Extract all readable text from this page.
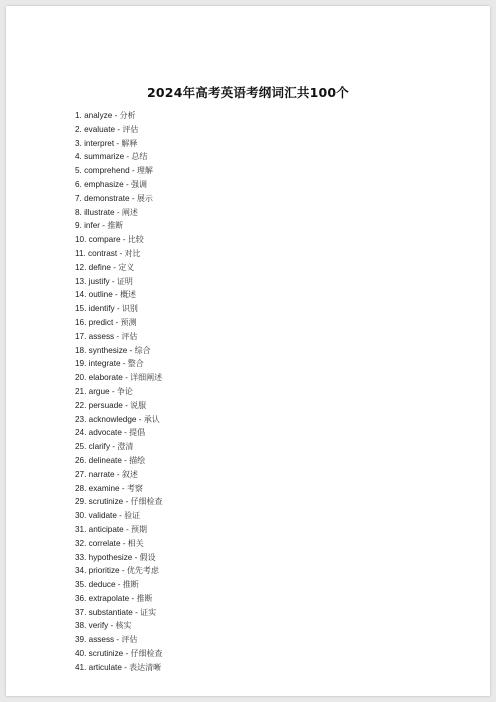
2024年高考英语考纲词汇共100个
1. analyze - 分析
2. evaluate - 评估
3. interpret - 解释
4. summarize - 总结
5. comprehend - 理解
6. emphasize - 强调
7. demonstrate - 展示
8. illustrate - 阐述
9. infer - 推断
10. compare - 比较
11. contrast - 对比
12. define - 定义
13. justify - 证明
14. outline - 概述
15. identify - 识别
16. predict - 预测
17. assess - 评估
18. synthesize - 综合
19. integrate - 整合
20. elaborate - 详细阐述
21. argue - 争论
22. persuade - 说服
23. acknowledge - 承认
24. advocate - 提倡
25. clarify - 澄清
26. delineate - 描绘
27. narrate - 叙述
28. examine - 考察
29. scrutinize - 仔细检查
30. validate - 验证
31. anticipate - 预期
32. correlate - 相关
33. hypothesize - 假设
34. prioritize - 优先考虑
35. deduce - 推断
36. extrapolate - 推断
37. substantiate - 证实
38. verify - 核实
39. assess - 评估
40. scrutinize - 仔细检查
41. articulate - 表达清晰
